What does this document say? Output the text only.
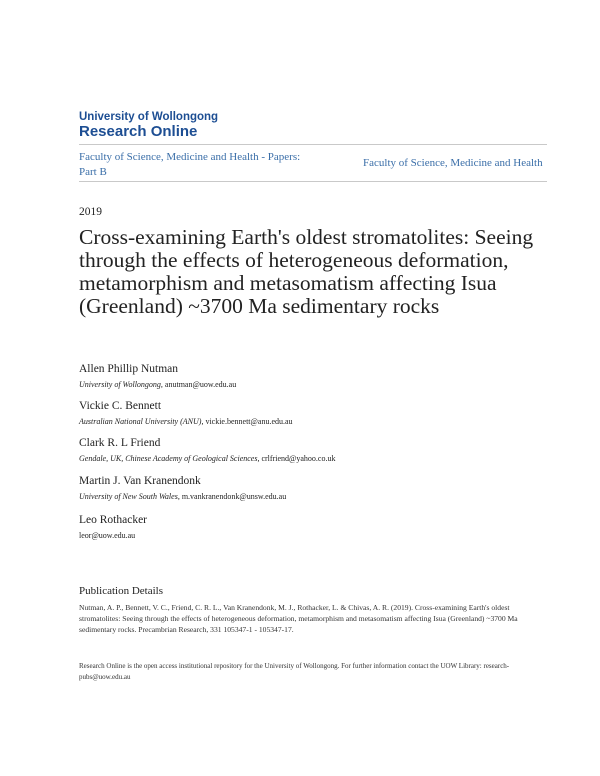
University of Wollongong
Research Online
Faculty of Science, Medicine and Health - Papers: Part B
Faculty of Science, Medicine and Health
2019
Cross-examining Earth's oldest stromatolites: Seeing through the effects of heterogeneous deformation, metamorphism and metasomatism affecting Isua (Greenland) ~3700 Ma sedimentary rocks
Allen Phillip Nutman
University of Wollongong, anutman@uow.edu.au
Vickie C. Bennett
Australian National University (ANU), vickie.bennett@anu.edu.au
Clark R. L Friend
Gendale, UK, Chinese Academy of Geological Sciences, crlfriend@yahoo.co.uk
Martin J. Van Kranendonk
University of New South Wales, m.vankranendonk@unsw.edu.au
Leo Rothacker
leor@uow.edu.au
Publication Details
Nutman, A. P., Bennett, V. C., Friend, C. R. L., Van Kranendonk, M. J., Rothacker, L. & Chivas, A. R. (2019). Cross-examining Earth's oldest stromatolites: Seeing through the effects of heterogeneous deformation, metamorphism and metasomatism affecting Isua (Greenland) ~3700 Ma sedimentary rocks. Precambrian Research, 331 105347-1 - 105347-17.
Research Online is the open access institutional repository for the University of Wollongong. For further information contact the UOW Library: research-pubs@uow.edu.au
